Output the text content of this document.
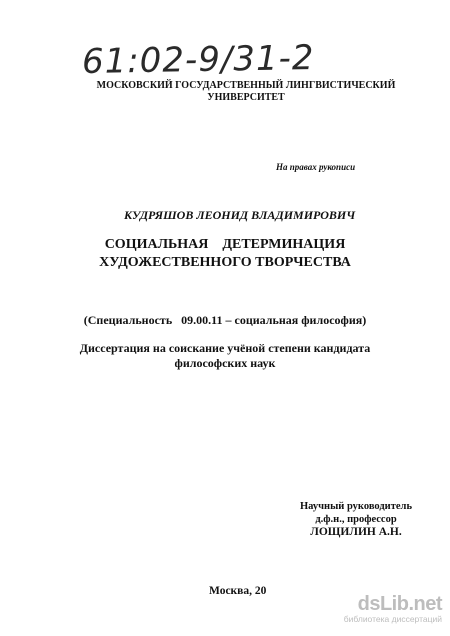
61:02-9/31-2
МОСКОВСКИЙ ГОСУДАРСТВЕННЫЙ ЛИНГВИСТИЧЕСКИЙ
УНИВЕРСИТЕТ
На правах рукописи
КУДРЯШОВ ЛЕОНИД ВЛАДИМИРОВИЧ
СОЦИАЛЬНАЯ    ДЕТЕРМИНАЦИЯ
ХУДОЖЕСТВЕННОГО ТВОРЧЕСТВА
(Специальность   09.00.11 – социальная философия)
Диссертация на соискание учёной степени кандидата
философских наук
Научный руководитель
д.ф.н., профессор
ЛОЩИЛИН А.Н.
Москва, 20
dsLib.net
библиотека диссертаций
